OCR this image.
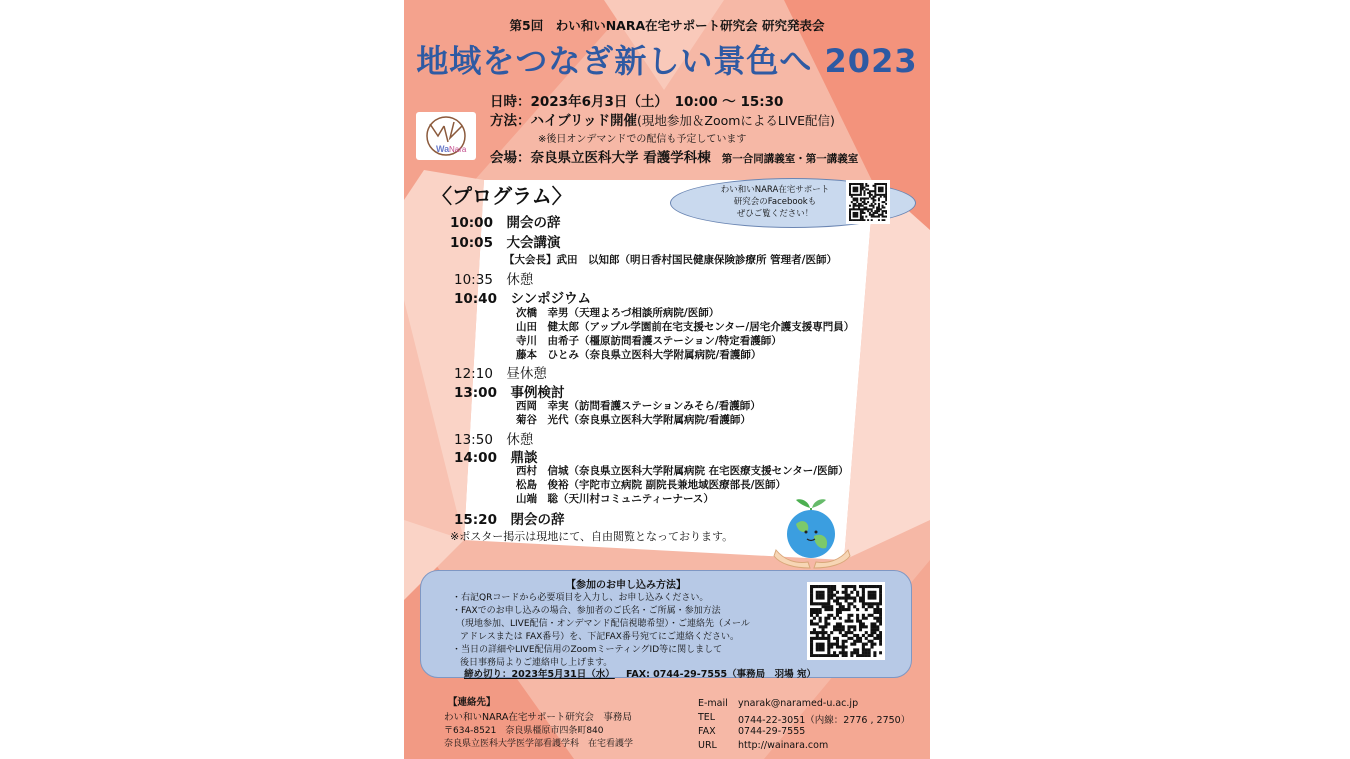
第5回　わい和いNARA在宅サポート研究会 研究発表会
地域をつなぎ新しい景色へ 2023
Wa Nara
日時：2023年6月3日（土）　10:00 ～ 15:30
方法：ハイブリッド開催(現地参加＆ZoomによるLIVE配信)
※後日オンデマンドでの配信も予定しています
会場：奈良県立医科大学 看護学科棟 第一合同講義室・第一講義室
〈プログラム〉	わい和いNARA在宅サポート
研究会のFacebookも
ぜひご覧ください！
10:00　開会の辞
10:05　大会講演
【大会長】武田　以知郎（明日香村国民健康保険診療所 管理者/医師）
10:35　休憩
10:40　シンポジウム
次橋　幸男（天理よろづ相談所病院/医師）
山田　健太郎（アップル学園前在宅支援センター/居宅介護支援専門員）
寺川　由希子（橿原訪問看護ステーション/特定看護師）
藤本　ひとみ（奈良県立医科大学附属病院/看護師）
12:10　昼休憩
13:00　事例検討
西岡　幸実（訪問看護ステーションみそら/看護師）
菊谷　光代（奈良県立医科大学附属病院/看護師）
13:50　休憩
14:00　鼎談
西村　信城（奈良県立医科大学附属病院 在宅医療支援センター/医師）
松島　俊裕（宇陀市立病院 副院長兼地域医療部長/医師）
山端　聡（天川村コミュニティーナース）
15:20　閉会の辞
※ポスター掲示は現地にて、自由閲覧となっております。
【参加のお申し込み方法】
・右記QRコードから必要項目を入力し、お申し込みください。
・FAXでのお申し込みの場合、参加者のご氏名・ご所属・参加方法
（現地参加、LIVE配信・オンデマンド配信視聴希望）・ご連絡先（メール
アドレスまたは FAX番号）を、下記FAX番号宛てにご連絡ください。
・当日の詳細やLIVE配信用のZoomミーティングID等に関しまして
後日事務局よりご連絡申し上げます。
締め切り：2023年5月31日（水） FAX: 0744-29-7555（事務局　羽場 宛）
【連絡先】
わい和いNARA在宅サポート研究会　事務局
〒634-8521　奈良県橿原市四条町840
奈良県立医科大学医学部看護学科　在宅看護学
E-mail ynarak@naramed-u.ac.jp
TEL 0744-22-3051（内線：2776 , 2750）
FAX 0744-29-7555
URL http://wainara.com
